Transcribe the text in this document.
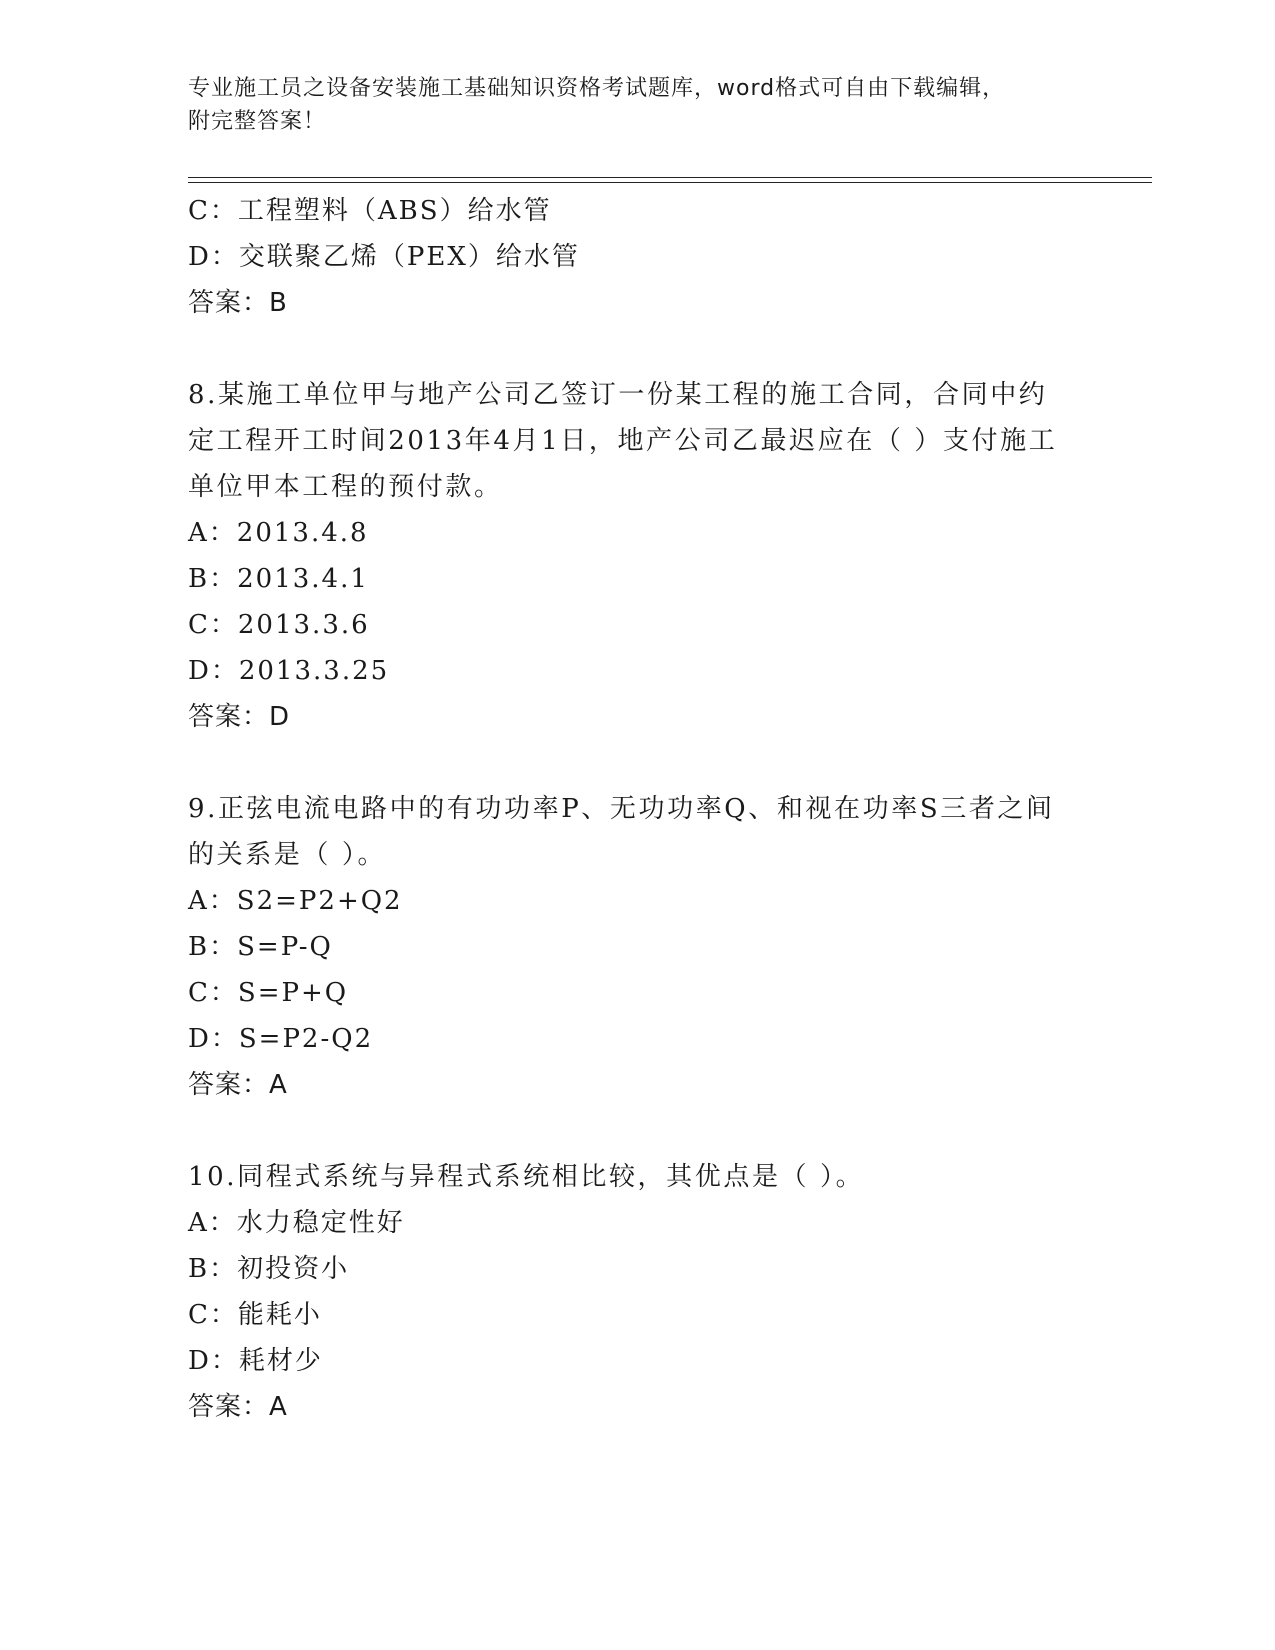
专业施工员之设备安装施工基础知识资格考试题库，word格式可自由下载编辑，
附完整答案！
C：工程塑料（ABS）给水管
D：交联聚乙烯（PEX）给水管
答案：B
8.某施工单位甲与地产公司乙签订一份某工程的施工合同，合同中约定工程开工时间2013年4月1日，地产公司乙最迟应在（ ）支付施工单位甲本工程的预付款。
A：2013.4.8
B：2013.4.1
C：2013.3.6
D：2013.3.25
答案：D
9.正弦电流电路中的有功功率P、无功功率Q、和视在功率S三者之间的关系是（ ）。
A：S2=P2+Q2
B：S=P-Q
C：S=P+Q
D：S=P2-Q2
答案：A
10.同程式系统与异程式系统相比较，其优点是（ ）。
A：水力稳定性好
B：初投资小
C：能耗小
D：耗材少
答案：A
